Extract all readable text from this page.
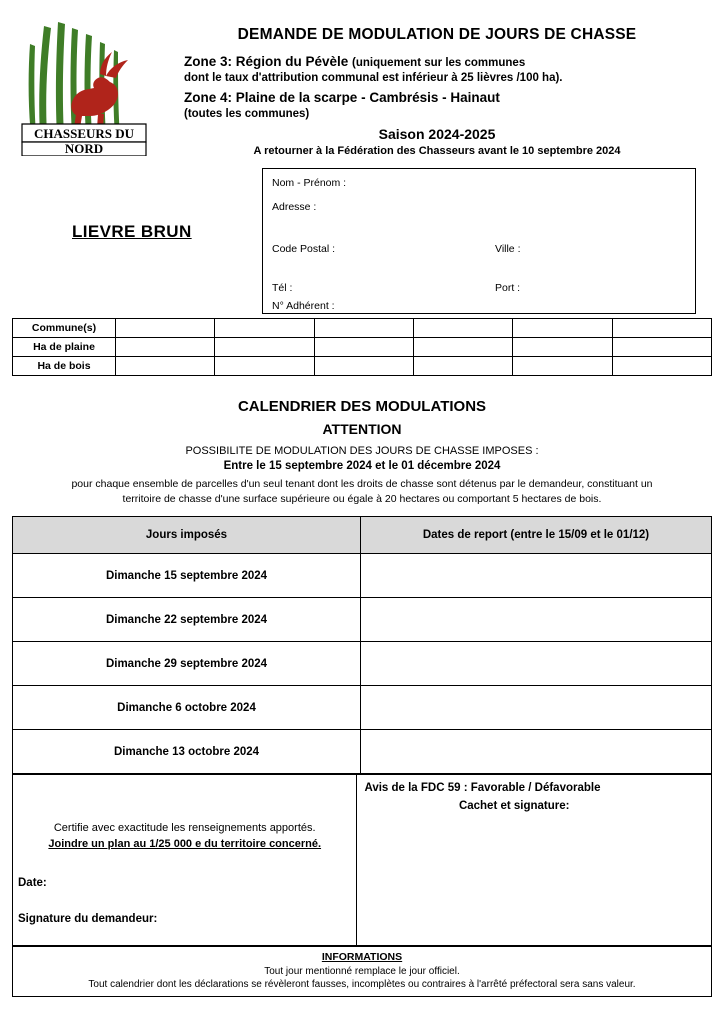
CHASSEURS DU
NORD
DEMANDE DE MODULATION DE JOURS DE CHASSE
Zone 3: Région du Pévèle (uniquement sur les communes
dont le taux d'attribution communal est inférieur à 25 lièvres /100 ha).
Zone 4: Plaine de la scarpe - Cambrésis - Hainaut
(toutes les communes)
Saison 2024-2025
A retourner à la Fédération des Chasseurs avant le 10 septembre 2024
LIEVRE BRUN
Nom - Prénom :
Adresse :
Code Postal :	Ville :
Tél :	Port :
N° Adhérent :
Commune(s)						
Ha de plaine						
Ha de bois						
CALENDRIER DES MODULATIONS
ATTENTION
POSSIBILITE DE MODULATION DES JOURS DE CHASSE IMPOSES :
Entre le 15 septembre 2024 et le 01 décembre 2024
pour chaque ensemble de parcelles d'un seul tenant dont les droits de chasse sont détenus par le demandeur, constituant un
territoire de chasse d'une surface supérieure ou égale à 20 hectares ou comportant 5 hectares de bois.
Jours imposés	Dates de report (entre le 15/09 et le 01/12)
Dimanche 15 septembre 2024	
Dimanche 22 septembre 2024	
Dimanche 29 septembre 2024	
Dimanche 6 octobre 2024	
Dimanche 13 octobre 2024	
Certifie avec exactitude les renseignements apportés.
Joindre un plan au 1/25 000 e du territoire concerné.
Date:
Signature du demandeur:

Avis de la FDC 59 : Favorable / Défavorable
Cachet et signature:
INFORMATIONS
Tout jour mentionné remplace le jour officiel.
Tout calendrier dont les déclarations se révèleront fausses, incomplètes ou contraires à l'arrêté préfectoral sera sans valeur.
